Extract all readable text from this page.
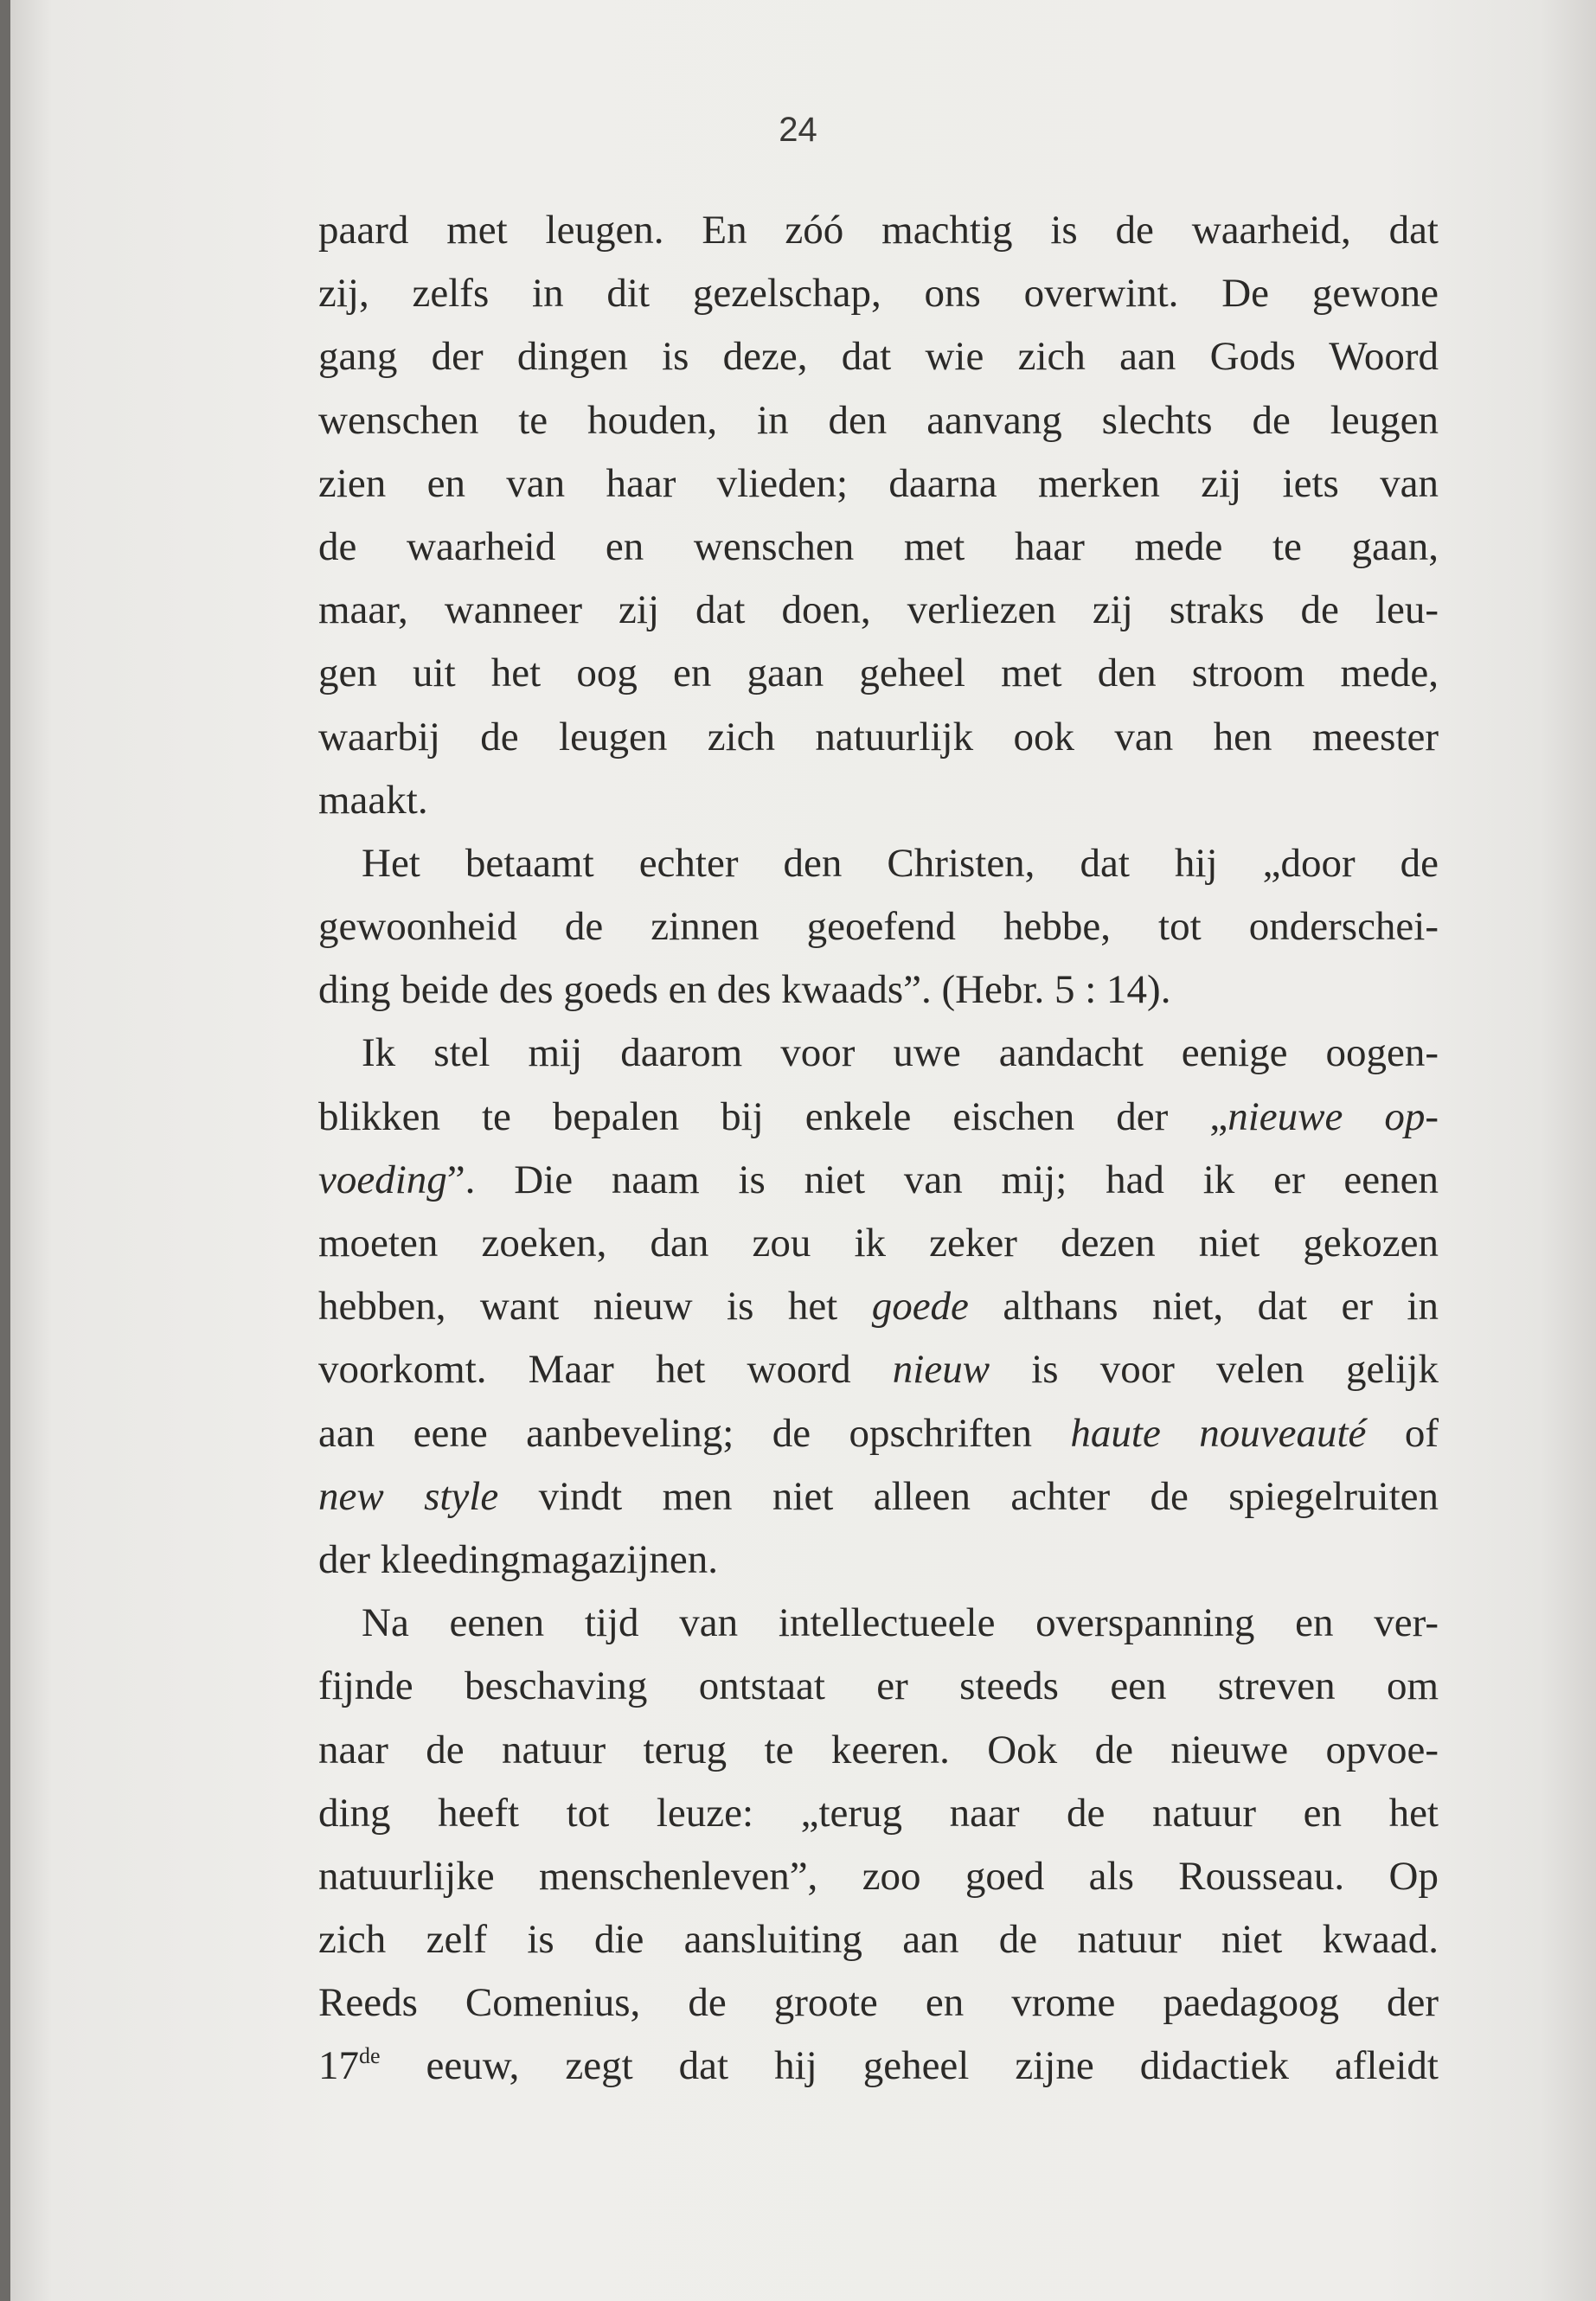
24
paard met leugen. En zóó machtig is de waarheid, dat
zij, zelfs in dit gezelschap, ons overwint. De gewone
gang der dingen is deze, dat wie zich aan Gods Woord
wenschen te houden, in den aanvang slechts de leugen
zien en van haar vlieden; daarna merken zij iets van
de waarheid en wenschen met haar mede te gaan,
maar, wanneer zij dat doen, verliezen zij straks de leu-
gen uit het oog en gaan geheel met den stroom mede,
waarbij de leugen zich natuurlijk ook van hen meester
maakt.
Het betaamt echter den Christen, dat hij „door de
gewoonheid de zinnen geoefend hebbe, tot onderschei-
ding beide des goeds en des kwaads”. (Hebr. 5 : 14).
Ik stel mij daarom voor uwe aandacht eenige oogen-
blikken te bepalen bij enkele eischen der „nieuwe op-
voeding”. Die naam is niet van mij; had ik er eenen
moeten zoeken, dan zou ik zeker dezen niet gekozen
hebben, want nieuw is het goede althans niet, dat er in
voorkomt. Maar het woord nieuw is voor velen gelijk
aan eene aanbeveling; de opschriften haute nouveauté of
new style vindt men niet alleen achter de spiegelruiten
der kleedingmagazijnen.
Na eenen tijd van intellectueele overspanning en ver-
fijnde beschaving ontstaat er steeds een streven om
naar de natuur terug te keeren. Ook de nieuwe opvoe-
ding heeft tot leuze: „terug naar de natuur en het
natuurlijke menschenleven”, zoo goed als Rousseau. Op
zich zelf is die aansluiting aan de natuur niet kwaad.
Reeds Comenius, de groote en vrome paedagoog der
17de eeuw, zegt dat hij geheel zijne didactiek afleidt
